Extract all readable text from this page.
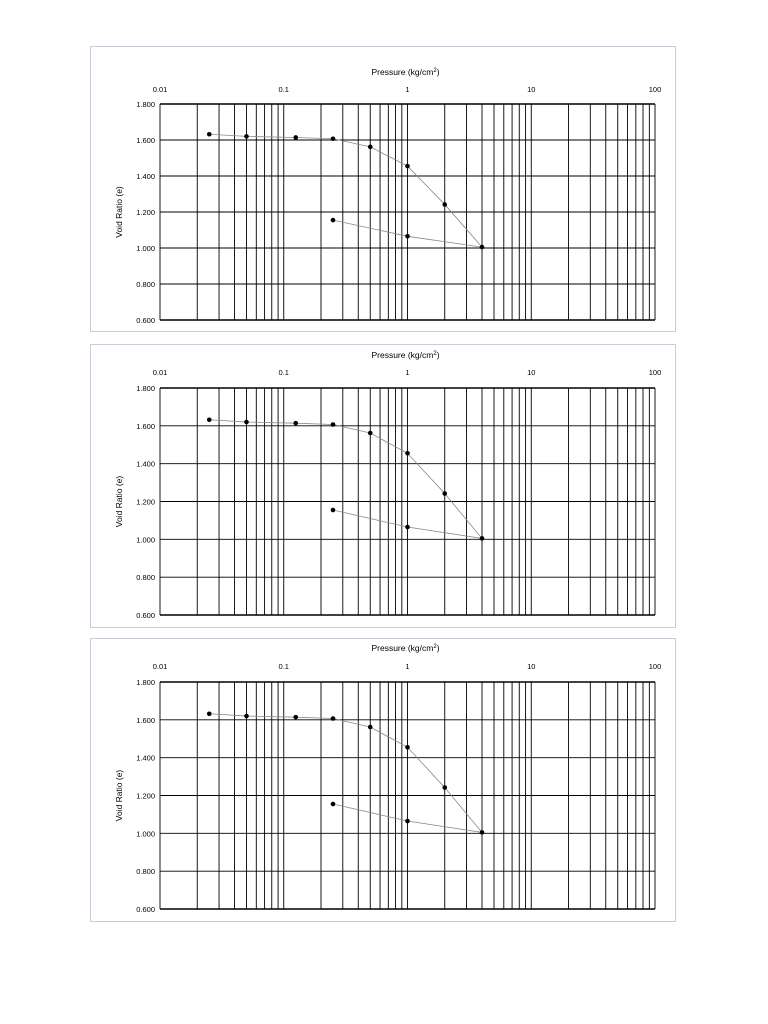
0.01	0.1	1	10	100
1.800
1.600
1.400
1.200
1.000
0.800
0.600
Pressure $(kg/cm^2)$
Void Ratio (e)
0.01	0.1	1	10	100
1.800
1.600
1.400
1.200
1.000
0.800
0.600
Pressure $(kg/cm^2)$
Void Ratio (e)
0.01	0.1	1	10	100
1.800
1.600
1.400
1.200
1.000
0.800
0.600
Pressure $(kg/cm^2)$
Void Ratio (e)
